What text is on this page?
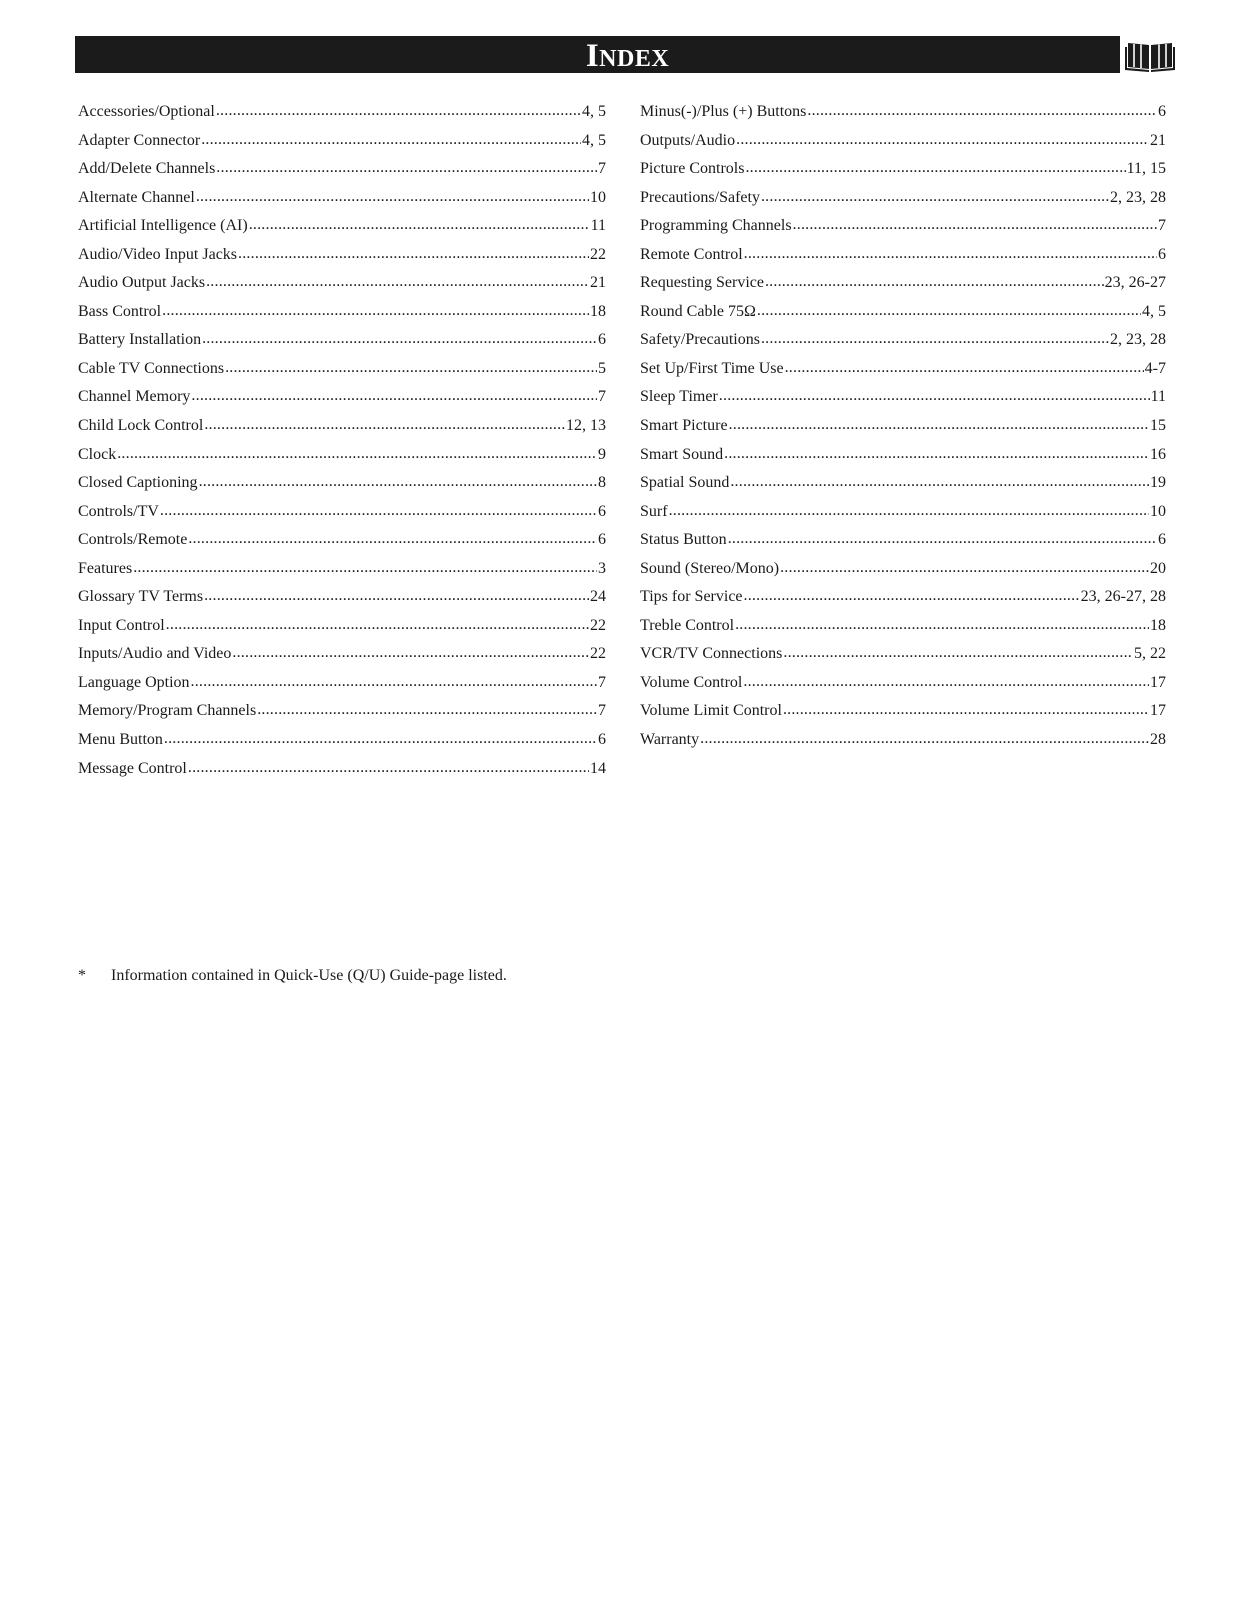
INDEX
Accessories/Optional .....	4, 5
Adapter Connector .....	4, 5
Add/Delete Channels .....	7
Alternate Channel .....	10
Artificial Intelligence (AI) .....	11
Audio/Video Input Jacks .....	22
Audio Output Jacks .....	21
Bass Control .....	18
Battery Installation .....	6
Cable TV Connections .....	5
Channel Memory .....	7
Child Lock Control .....	12, 13
Clock .....	9
Closed Captioning .....	8
Controls/TV .....	6
Controls/Remote .....	6
Features .....	3
Glossary TV Terms .....	24
Input Control .....	22
Inputs/Audio and Video .....	22
Language Option .....	7
Memory/Program Channels .....	7
Menu Button .....	6
Message Control .....	14
Minus(-)/Plus (+) Buttons .....	6
Outputs/Audio .....	21
Picture Controls .....	11, 15
Precautions/Safety .....	2, 23, 28
Programming Channels .....	7
Remote Control .....	6
Requesting Service .....	23, 26-27
Round Cable 75Ω .....	4, 5
Safety/Precautions .....	2, 23, 28
Set Up/First Time Use .....	4-7
Sleep Timer .....	11
Smart Picture .....	15
Smart Sound .....	16
Spatial Sound .....	19
Surf .....	10
Status Button .....	6
Sound (Stereo/Mono) .....	20
Tips for Service .....	23, 26-27, 28
Treble Control .....	18
VCR/TV Connections .....	5, 22
Volume Control .....	17
Volume Limit Control .....	17
Warranty .....	28
* Information contained in Quick-Use (Q/U) Guide-page listed.
